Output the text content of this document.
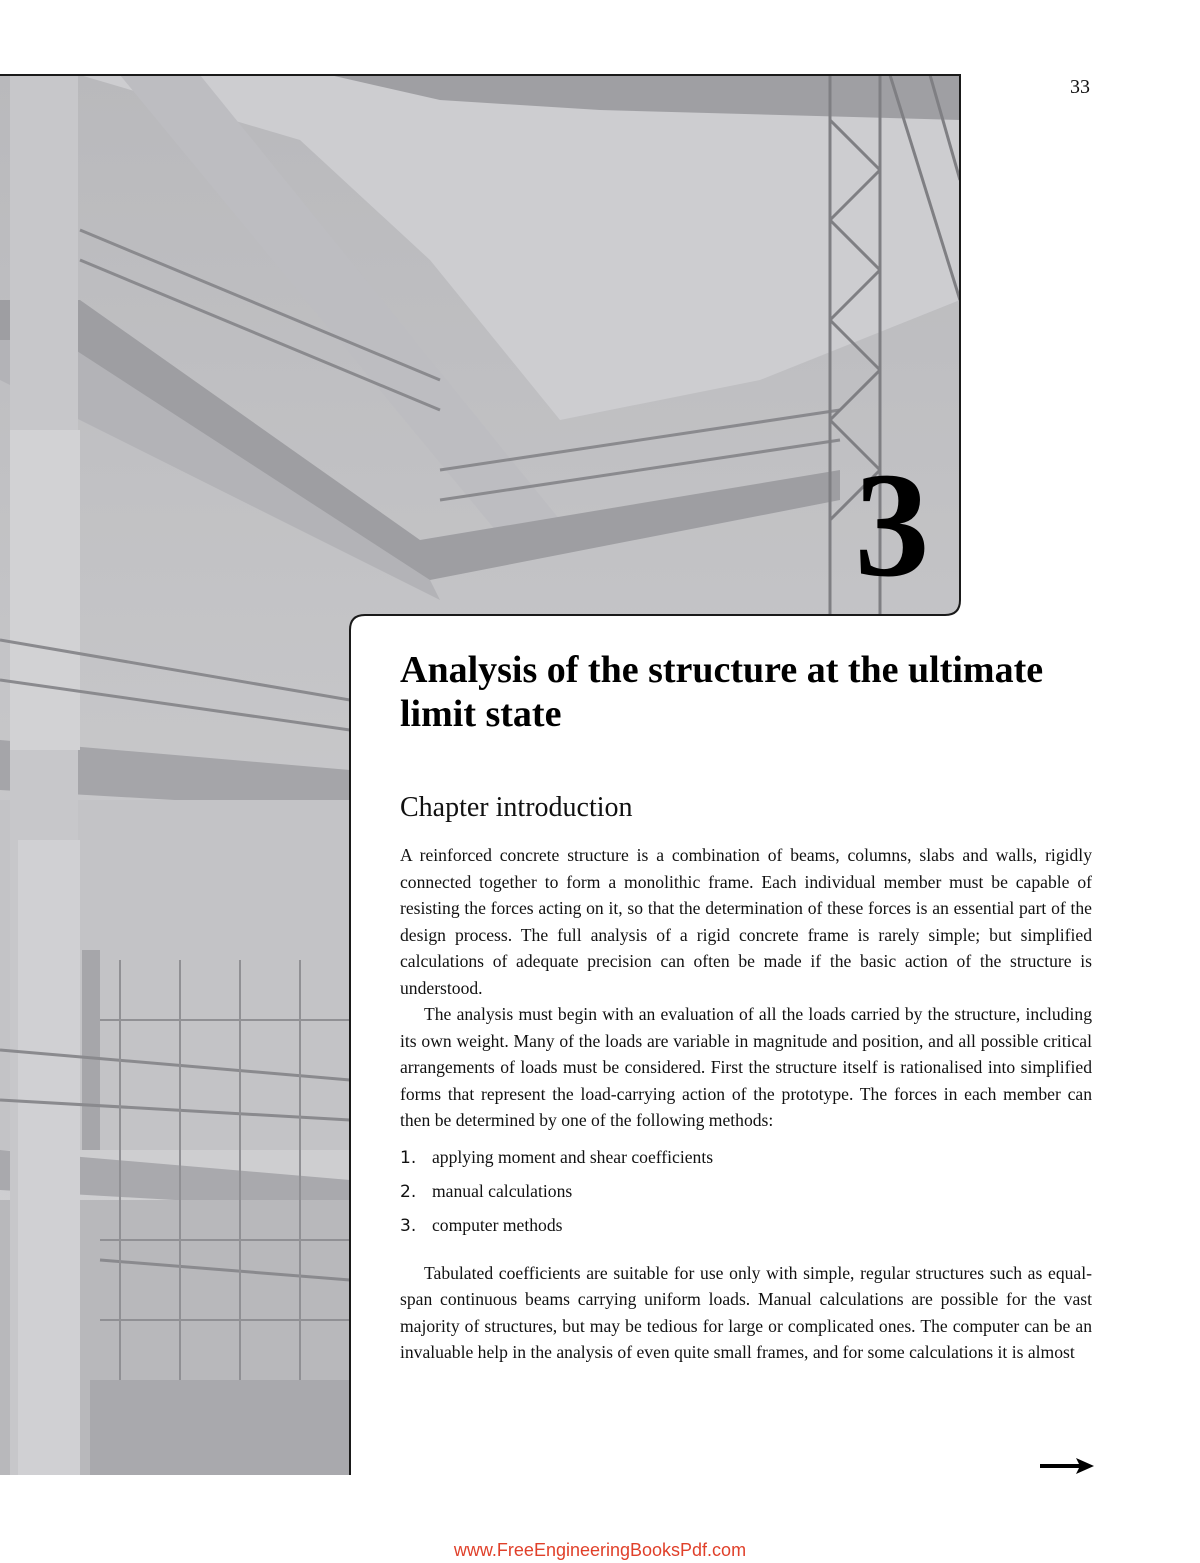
33
3
Analysis of the structure at the ultimate limit state
Chapter introduction

A reinforced concrete structure is a combination of beams, columns, slabs and walls, rigidly connected together to form a monolithic frame. Each individual member must be capable of resisting the forces acting on it, so that the determination of these forces is an essential part of the design process. The full analysis of a rigid concrete frame is rarely simple; but simplified calculations of adequate precision can often be made if the basic action of the structure is understood.

The analysis must begin with an evaluation of all the loads carried by the structure, including its own weight. Many of the loads are variable in magnitude and position, and all possible critical arrangements of loads must be considered. First the structure itself is rationalised into simplified forms that represent the load-carrying action of the prototype. The forces in each member can then be determined by one of the following methods:

1. applying moment and shear coefficients
2. manual calculations
3. computer methods

Tabulated coefficients are suitable for use only with simple, regular structures such as equal-span continuous beams carrying uniform loads. Manual calculations are possible for the vast majority of structures, but may be tedious for large or complicated ones. The computer can be an invaluable help in the analysis of even quite small frames, and for some calculations it is almost

www.FreeEngineeringBooksPdf.com
